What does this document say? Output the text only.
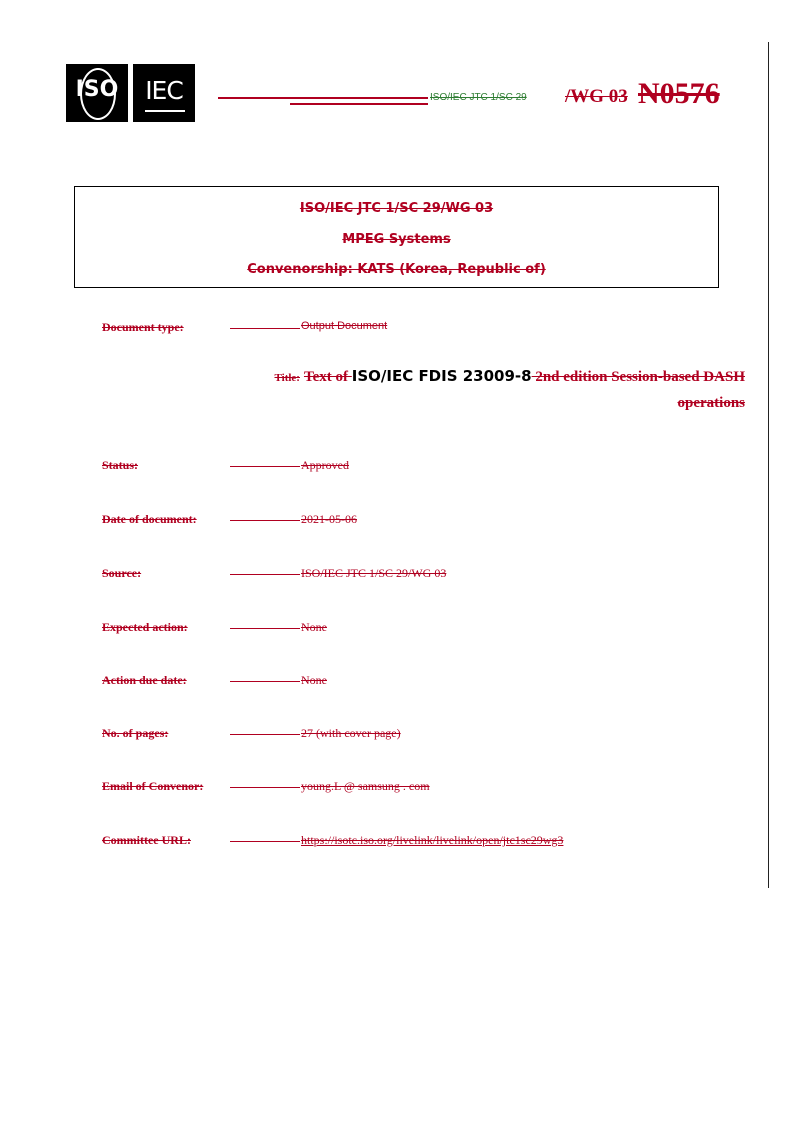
ISO	IEC	ISO/IEC JTC 1/SC 29 /WG 03 N0576
ISO/IEC JTC 1/SC 29/WG 03
MPEG Systems
Convenorship: KATS (Korea, Republic of)
Document type:	Output Document
Title: Text of ISO/IEC FDIS 23009-8 2nd edition Session-based DASH
operations
Status:	Approved
Date of document:	2021-05-06
Source:	ISO/IEC JTC 1/SC 29/WG 03
Expected action:	None
Action due date:	None
No. of pages:	27 (with cover page)
Email of Convenor:	young.L @ samsung . com
Committee URL:	https://isotc.iso.org/livelink/livelink/open/jtc1sc29wg3
